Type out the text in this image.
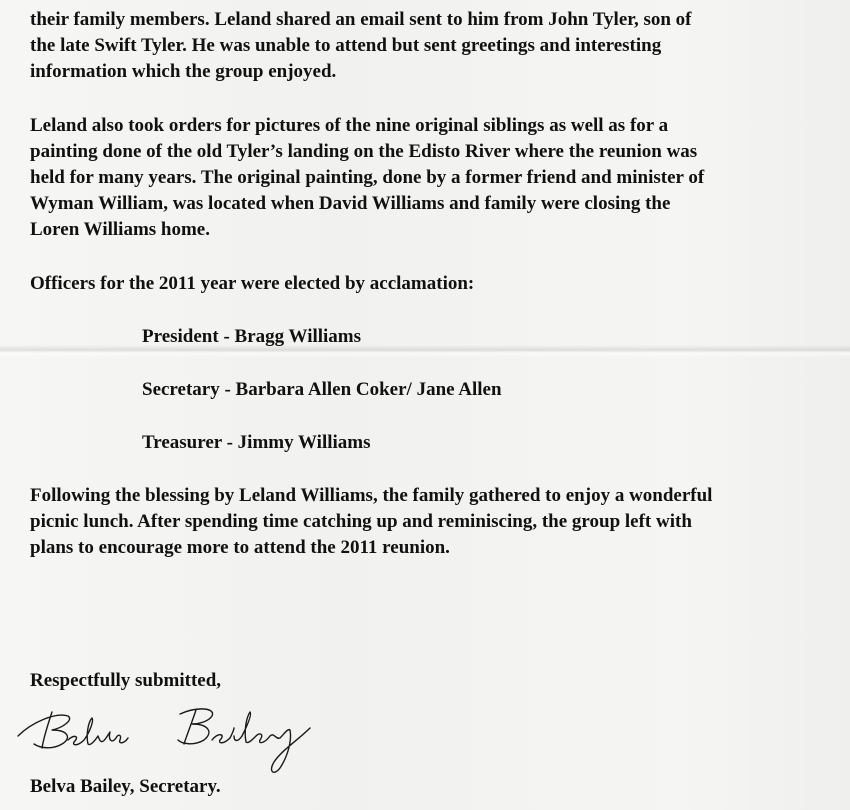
their family members. Leland shared an email sent to him from John Tyler, son of
the late Swift Tyler. He was unable to attend but sent greetings and interesting
information which the group enjoyed.
Leland also took orders for pictures of the nine original siblings as well as for a
painting done of the old Tyler’s landing on the Edisto River where the reunion was
held for many years. The original painting, done by a former friend and minister of
Wyman William, was located when David Williams and family were closing the
Loren Williams home.
Officers for the 2011 year were elected by acclamation:
President - Bragg Williams
Secretary - Barbara Allen Coker/ Jane Allen
Treasurer - Jimmy Williams
Following the blessing by Leland Williams, the family gathered to enjoy a wonderful
picnic lunch. After spending time catching up and reminiscing, the group left with
plans to encourage more to attend the 2011 reunion.
Respectfully submitted,
Belva Bailey, Secretary.
